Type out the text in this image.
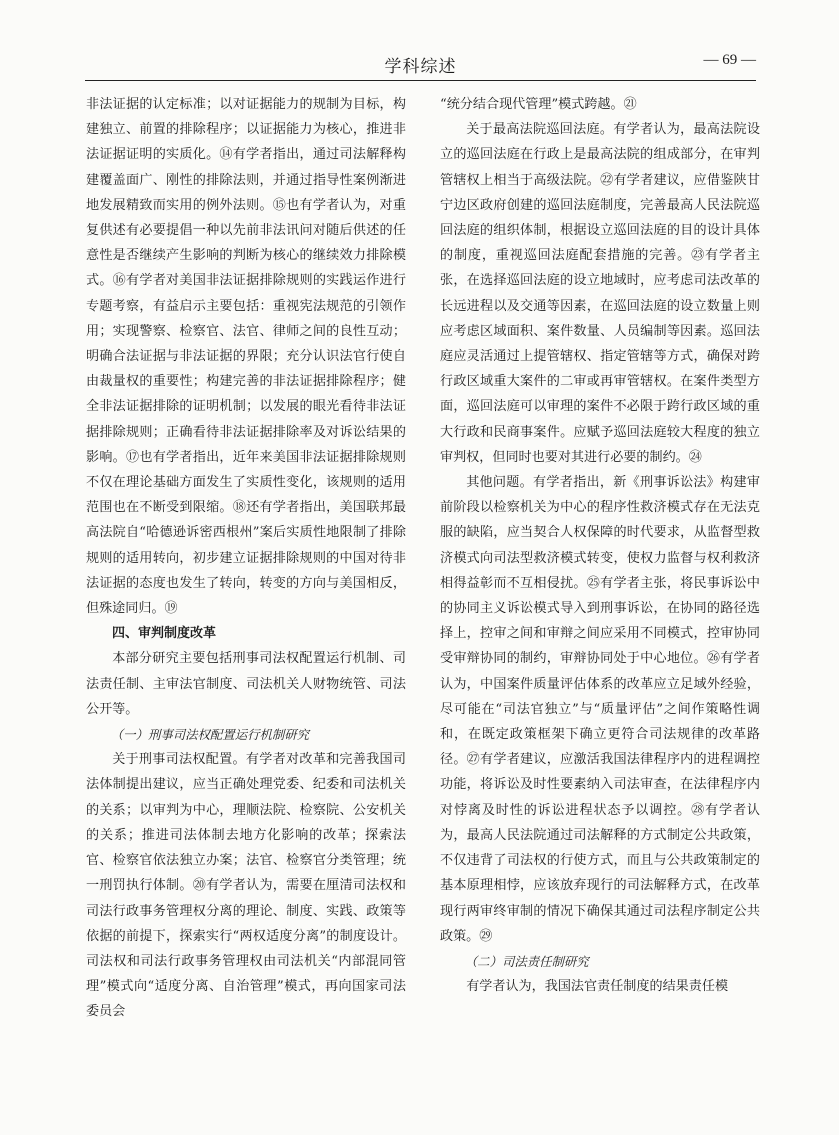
学科综述	— 69 —

非法证据的认定标准；以对证据能力的规制为目标，构建独立、前置的排除程序；以证据能力为核心，推进非法证据证明的实质化。⑭有学者指出，通过司法解释构建覆盖面广、刚性的排除法则，并通过指导性案例渐进地发展精致而实用的例外法则。⑮也有学者认为，对重复供述有必要提倡一种以先前非法讯问对随后供述的任意性是否继续产生影响的判断为核心的继续效力排除模式。⑯有学者对美国非法证据排除规则的实践运作进行专题考察，有益启示主要包括：重视宪法规范的引领作用；实现警察、检察官、法官、律师之间的良性互动；明确合法证据与非法证据的界限；充分认识法官行使自由裁量权的重要性；构建完善的非法证据排除程序；健全非法证据排除的证明机制；以发展的眼光看待非法证据排除规则；正确看待非法证据排除率及对诉讼结果的影响。⑰也有学者指出，近年来美国非法证据排除规则不仅在理论基础方面发生了实质性变化，该规则的适用范围也在不断受到限缩。⑱还有学者指出，美国联邦最高法院自“哈德逊诉密西根州”案后实质性地限制了排除规则的适用转向，初步建立证据排除规则的中国对待非法证据的态度也发生了转向，转变的方向与美国相反，但殊途同归。⑲

四、审判制度改革

本部分研究主要包括刑事司法权配置运行机制、司法责任制、主审法官制度、司法机关人财物统管、司法公开等。

（一）刑事司法权配置运行机制研究

关于刑事司法权配置。有学者对改革和完善我国司法体制提出建议，应当正确处理党委、纪委和司法机关的关系；以审判为中心，理顺法院、检察院、公安机关的关系；推进司法体制去地方化影响的改革；探索法官、检察官依法独立办案；法官、检察官分类管理；统一刑罚执行体制。⑳有学者认为，需要在厘清司法权和司法行政事务管理权分离的理论、制度、实践、政策等依据的前提下，探索实行“两权适度分离”的制度设计。司法权和司法行政事务管理权由司法机关“内部混同管理”模式向“适度分离、自治管理”模式，再向国家司法委员会

“统分结合现代管理”模式跨越。㉑

关于最高法院巡回法庭。有学者认为，最高法院设立的巡回法庭在行政上是最高法院的组成部分，在审判管辖权上相当于高级法院。㉒有学者建议，应借鉴陕甘宁边区政府创建的巡回法庭制度，完善最高人民法院巡回法庭的组织体制，根据设立巡回法庭的目的设计具体的制度，重视巡回法庭配套措施的完善。㉓有学者主张，在选择巡回法庭的设立地域时，应考虑司法改革的长远进程以及交通等因素，在巡回法庭的设立数量上则应考虑区域面积、案件数量、人员编制等因素。巡回法庭应灵活通过上提管辖权、指定管辖等方式，确保对跨行政区域重大案件的二审或再审管辖权。在案件类型方面，巡回法庭可以审理的案件不必限于跨行政区域的重大行政和民商事案件。应赋予巡回法庭较大程度的独立审判权，但同时也要对其进行必要的制约。㉔

其他问题。有学者指出，新《刑事诉讼法》构建审前阶段以检察机关为中心的程序性救济模式存在无法克服的缺陷，应当契合人权保障的时代要求，从监督型救济模式向司法型救济模式转变，使权力监督与权利救济相得益彰而不互相侵扰。㉕有学者主张，将民事诉讼中的协同主义诉讼模式导入到刑事诉讼，在协同的路径选择上，控审之间和审辩之间应采用不同模式，控审协同受审辩协同的制约，审辩协同处于中心地位。㉖有学者认为，中国案件质量评估体系的改革应立足域外经验，尽可能在“司法官独立”与“质量评估”之间作策略性调和，在既定政策框架下确立更符合司法规律的改革路径。㉗有学者建议，应激活我国法律程序内的进程调控功能，将诉讼及时性要素纳入司法审查，在法律程序内对悖离及时性的诉讼进程状态予以调控。㉘有学者认为，最高人民法院通过司法解释的方式制定公共政策，不仅违背了司法权的行使方式，而且与公共政策制定的基本原理相悖，应该放弃现行的司法解释方式，在改革现行两审终审制的情况下确保其通过司法程序制定公共政策。㉙

（二）司法责任制研究

有学者认为，我国法官责任制度的结果责任模
